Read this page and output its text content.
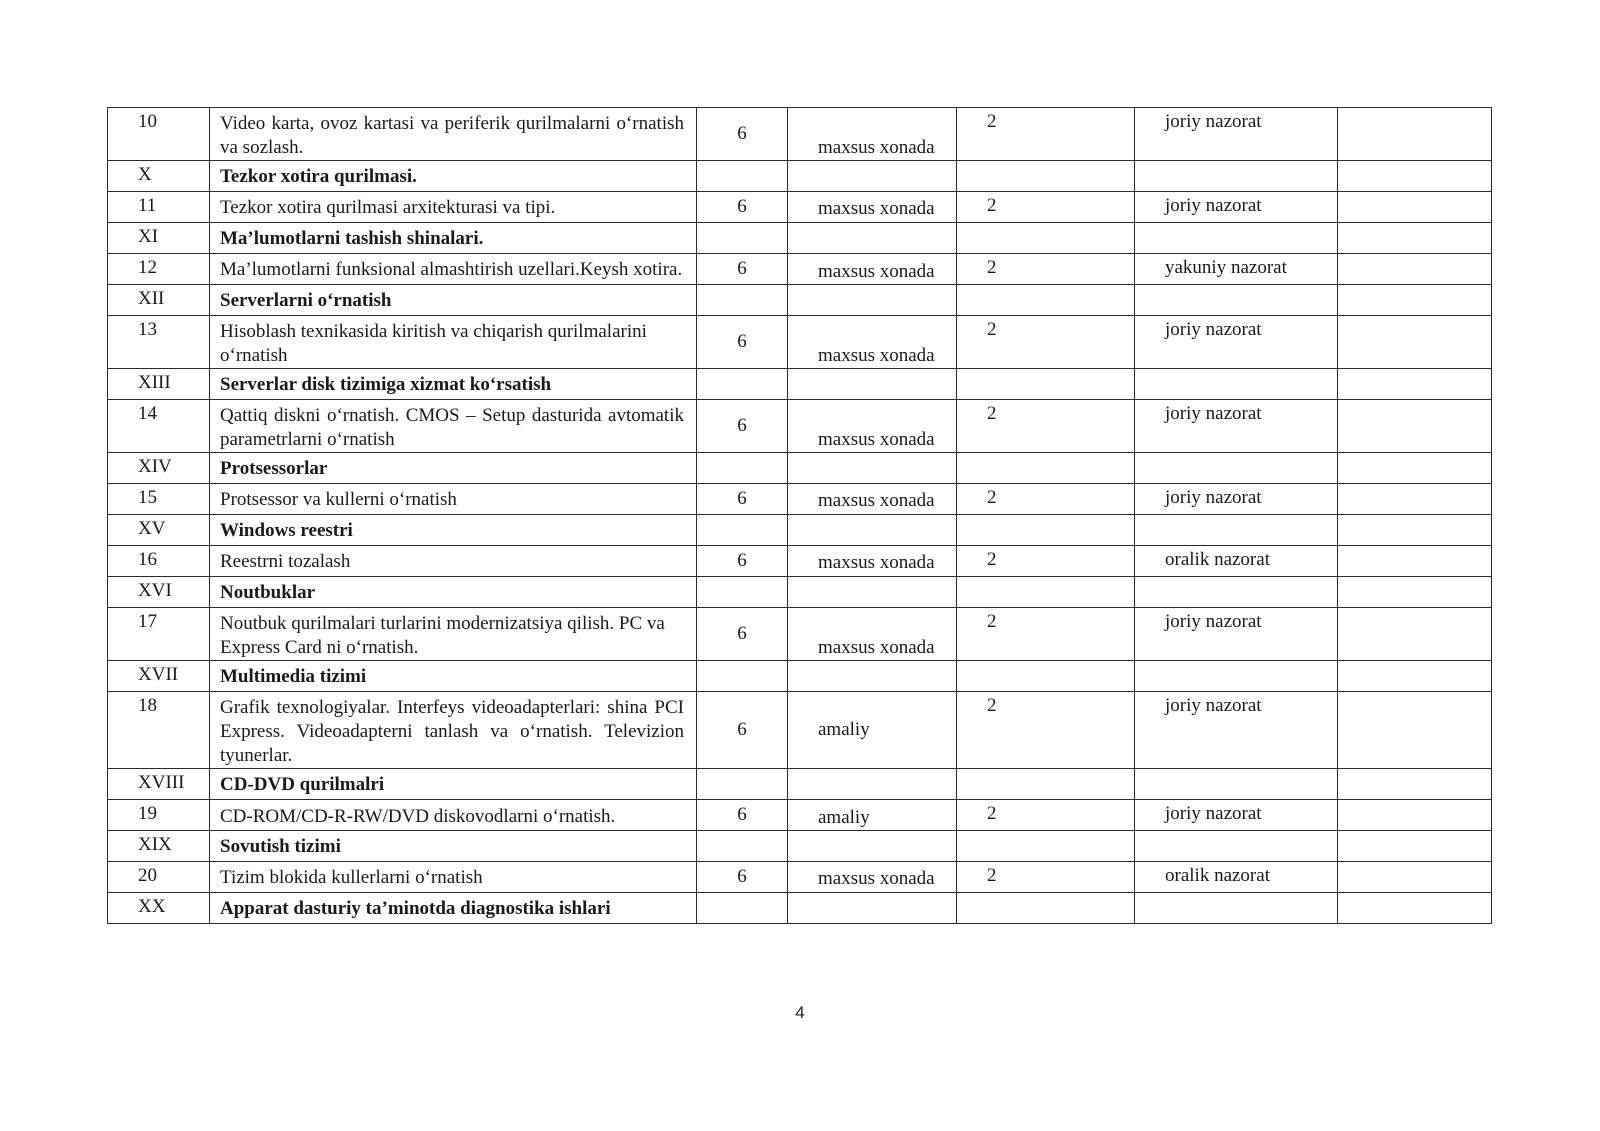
10	Video karta, ovoz kartasi va periferik qurilmalarni o‘rnatish va sozlash.	6	maxsus xonada	2	joriy nazorat	
X	Tezkor xotira qurilmasi.					
11	Tezkor xotira qurilmasi arxitekturasi va tipi.	6	maxsus xonada	2	joriy nazorat	
XI	Ma’lumotlarni tashish shinalari.					
12	Ma’lumotlarni funksional almashtirish uzellari.Keysh xotira.	6	maxsus xonada	2	yakuniy nazorat	
XII	Serverlarni o‘rnatish					
13	Hisoblash texnikasida kiritish va chiqarish qurilmalarini o‘rnatish	6	maxsus xonada	2	joriy nazorat	
XIII	Serverlar disk tizimiga xizmat ko‘rsatish					
14	Qattiq diskni o‘rnatish. CMOS – Setup dasturida avtomatik parametrlarni o‘rnatish	6	maxsus xonada	2	joriy nazorat	
XIV	Protsessorlar					
15	Protsessor va kullerni o‘rnatish	6	maxsus xonada	2	joriy nazorat	
XV	Windows reestri					
16	Reestrni tozalash	6	maxsus xonada	2	oralik nazorat	
XVI	Noutbuklar					
17	Noutbuk qurilmalari turlarini modernizatsiya qilish. PC va Express Card ni o‘rnatish.	6	maxsus xonada	2	joriy nazorat	
XVII	Multimedia tizimi					
18	Grafik texnologiyalar. Interfeys videoadapterlari: shina PCI Express. Videoadapterni tanlash va o‘rnatish. Televizion tyunerlar.	6	amaliy	2	joriy nazorat	
XVIII	CD-DVD qurilmalri					
19	CD-ROM/CD-R-RW/DVD diskovodlarni o‘rnatish.	6	amaliy	2	joriy nazorat	
XIX	Sovutish tizimi					
20	Tizim blokida kullerlarni o‘rnatish	6	maxsus xonada	2	oralik nazorat	
XX	Apparat dasturiy ta’minotda diagnostika ishlari					
4
